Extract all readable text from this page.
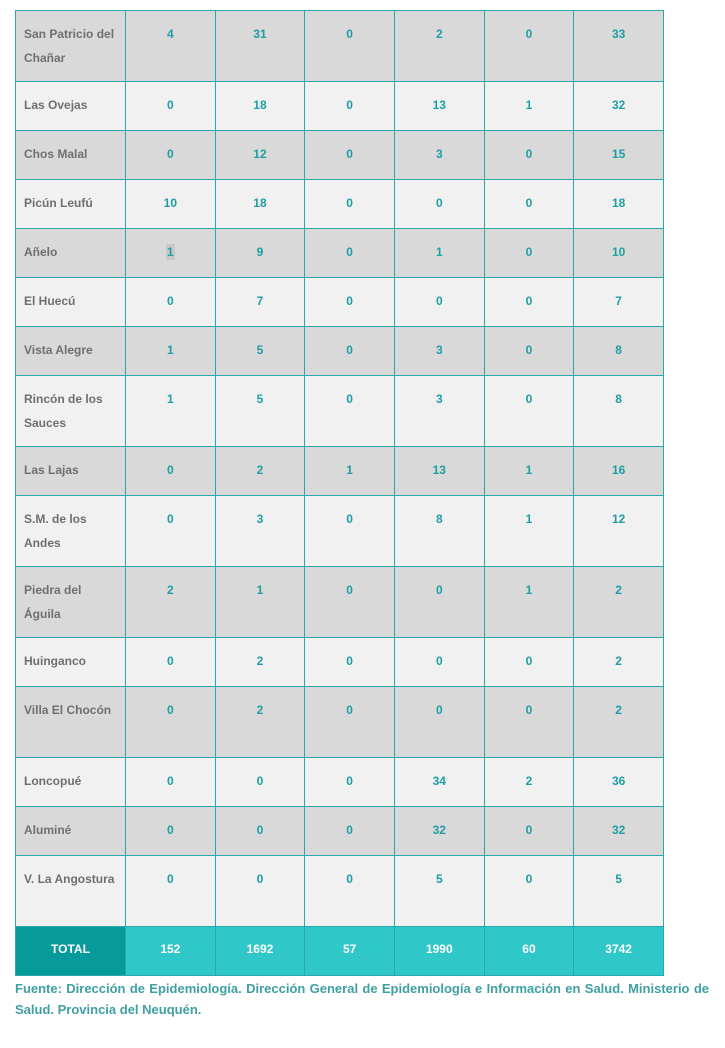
San Patricio del Chañar	4	31	0	2	0	33
Las Ovejas	0	18	0	13	1	32
Chos Malal	0	12	0	3	0	15
Picún Leufú	10	18	0	0	0	18
Añelo	1	9	0	1	0	10
El Huecú	0	7	0	0	0	7
Vista Alegre	1	5	0	3	0	8
Rincón de los Sauces	1	5	0	3	0	8
Las Lajas	0	2	1	13	1	16
S.M. de los Andes	0	3	0	8	1	12
Piedra del Águila	2	1	0	0	1	2
Huinganco	0	2	0	0	0	2
Villa El Chocón	0	2	0	0	0	2
Loncopué	0	0	0	34	2	36
Aluminé	0	0	0	32	0	32
V. La Angostura	0	0	0	5	0	5
TOTAL	152	1692	57	1990	60	3742
Fuente: Dirección de Epidemiología. Dirección General de Epidemiología e Información en Salud. Ministerio de Salud. Provincia del Neuquén.
